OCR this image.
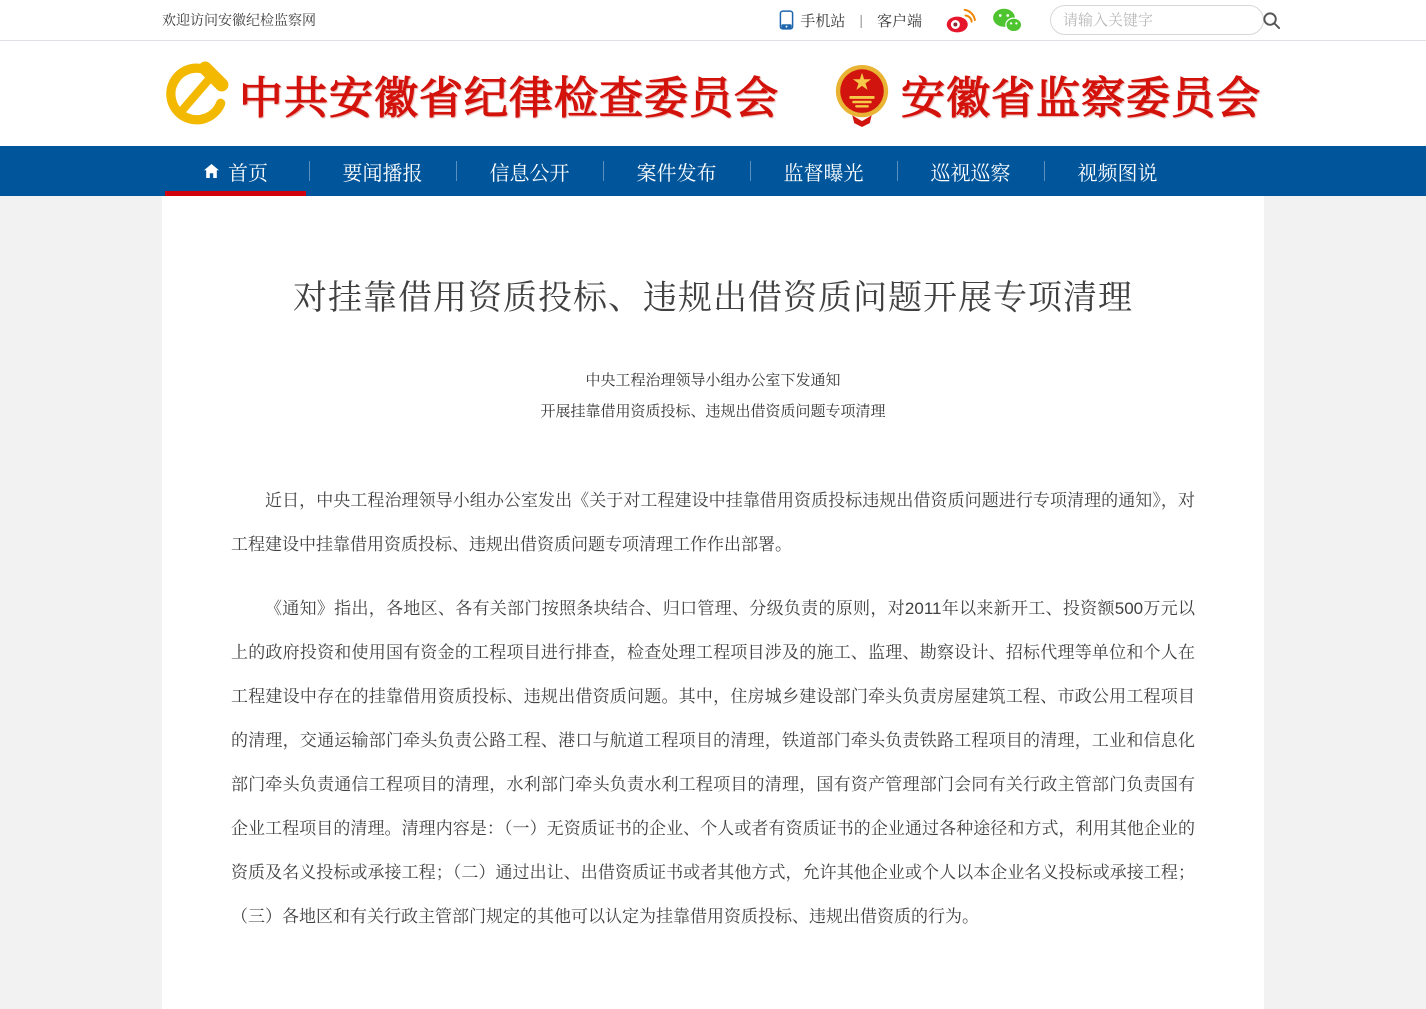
欢迎访问安徽纪检监察网	手机站 | 客户端
请输入关键字
中共安徽省纪律检查委员会	安徽省监察委员会
首页	要闻播报	信息公开	案件发布	监督曝光	巡视巡察	视频图说
对挂靠借用资质投标、违规出借资质问题开展专项清理

中央工程治理领导小组办公室下发通知

开展挂靠借用资质投标、违规出借资质问题专项清理

近日，中央工程治理领导小组办公室发出《关于对工程建设中挂靠借用资质投标违规出借资质问题进行专项清理的通知》，对工程建设中挂靠借用资质投标、违规出借资质问题专项清理工作作出部署。

《通知》指出，各地区、各有关部门按照条块结合、归口管理、分级负责的原则，对2011年以来新开工、投资额500万元以上的政府投资和使用国有资金的工程项目进行排查，检查处理工程项目涉及的施工、监理、勘察设计、招标代理等单位和个人在工程建设中存在的挂靠借用资质投标、违规出借资质问题。其中，住房城乡建设部门牵头负责房屋建筑工程、市政公用工程项目的清理，交通运输部门牵头负责公路工程、港口与航道工程项目的清理，铁道部门牵头负责铁路工程项目的清理，工业和信息化部门牵头负责通信工程项目的清理，水利部门牵头负责水利工程项目的清理，国有资产管理部门会同有关行政主管部门负责国有企业工程项目的清理。清理内容是：（一）无资质证书的企业、个人或者有资质证书的企业通过各种途径和方式，利用其他企业的资质及名义投标或承接工程；（二）通过出让、出借资质证书或者其他方式，允许其他企业或个人以本企业名义投标或承接工程；（三）各地区和有关行政主管部门规定的其他可以认定为挂靠借用资质投标、违规出借资质的行为。
